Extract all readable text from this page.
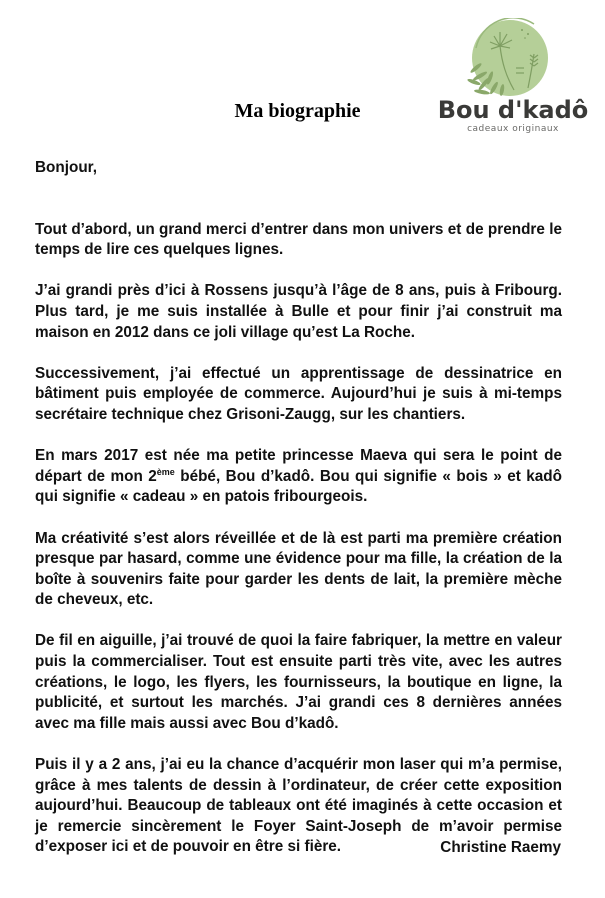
Bou d'kadô
cadeaux originaux
Ma biographie

Bonjour,

Tout d’abord, un grand merci d’entrer dans mon univers et de prendre le temps de lire ces quelques lignes.

J’ai grandi près d’ici à Rossens jusqu’à l’âge de 8 ans, puis à Fribourg. Plus tard, je me suis installée à Bulle et pour finir j’ai construit ma maison en 2012 dans ce joli village qu’est La Roche.

Successivement, j’ai effectué un apprentissage de dessinatrice en bâtiment puis employée de commerce. Aujourd’hui je suis à mi-temps secrétaire technique chez Grisoni-Zaugg, sur les chantiers.

En mars 2017 est née ma petite princesse Maeva qui sera le point de départ de mon 2ème bébé, Bou d’kadô. Bou qui signifie « bois » et kadô qui signifie « cadeau » en patois fribourgeois.

Ma créativité s’est alors réveillée et de là est parti ma première création presque par hasard, comme une évidence pour ma fille, la création de la boîte à souvenirs faite pour garder les dents de lait, la première mèche de cheveux, etc.

De fil en aiguille, j’ai trouvé de quoi la faire fabriquer, la mettre en valeur puis la commercialiser. Tout est ensuite parti très vite, avec les autres créations, le logo, les flyers, les fournisseurs, la boutique en ligne, la publicité, et surtout les marchés. J’ai grandi ces 8 dernières années avec ma fille mais aussi avec Bou d’kadô.

Puis il y a 2 ans, j’ai eu la chance d’acquérir mon laser qui m’a permise, grâce à mes talents de dessin à l’ordinateur, de créer cette exposition aujourd’hui. Beaucoup de tableaux ont été imaginés à cette occasion et je remercie sincèrement le Foyer Saint-Joseph de m’avoir permise d’exposer ici et de pouvoir en être si fière.	Christine Raemy
